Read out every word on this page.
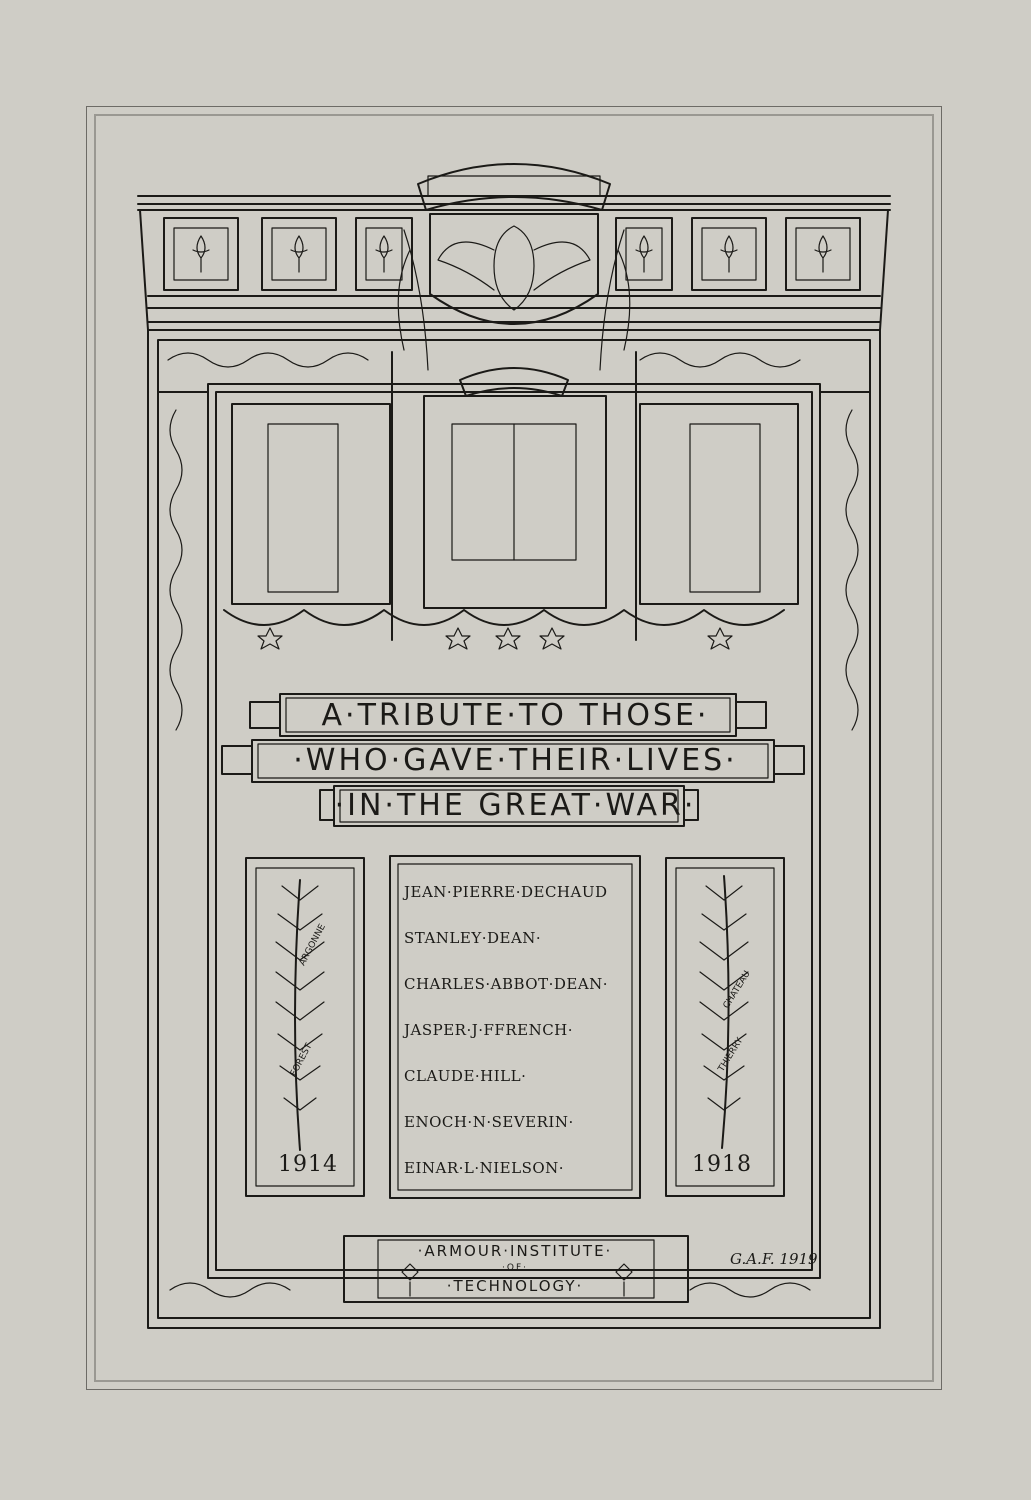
A·TRIBUTE·TO THOSE·
·WHO·GAVE·THEIR·LIVES·
·IN·THE GREAT·WAR·
JEAN·PIERRE·DECHAUD
STANLEY·DEAN·
CHARLES·ABBOT·DEAN·
JASPER·J·FFRENCH·
CLAUDE·HILL·
ENOCH·N·SEVERIN·
EINAR·L·NIELSON·
1914	1918
ARGONNE
FOREST
CHATEAU
THIERRY
·ARMOUR·INSTITUTE·
·OF·
·TECHNOLOGY·
G.A.F. 1919
